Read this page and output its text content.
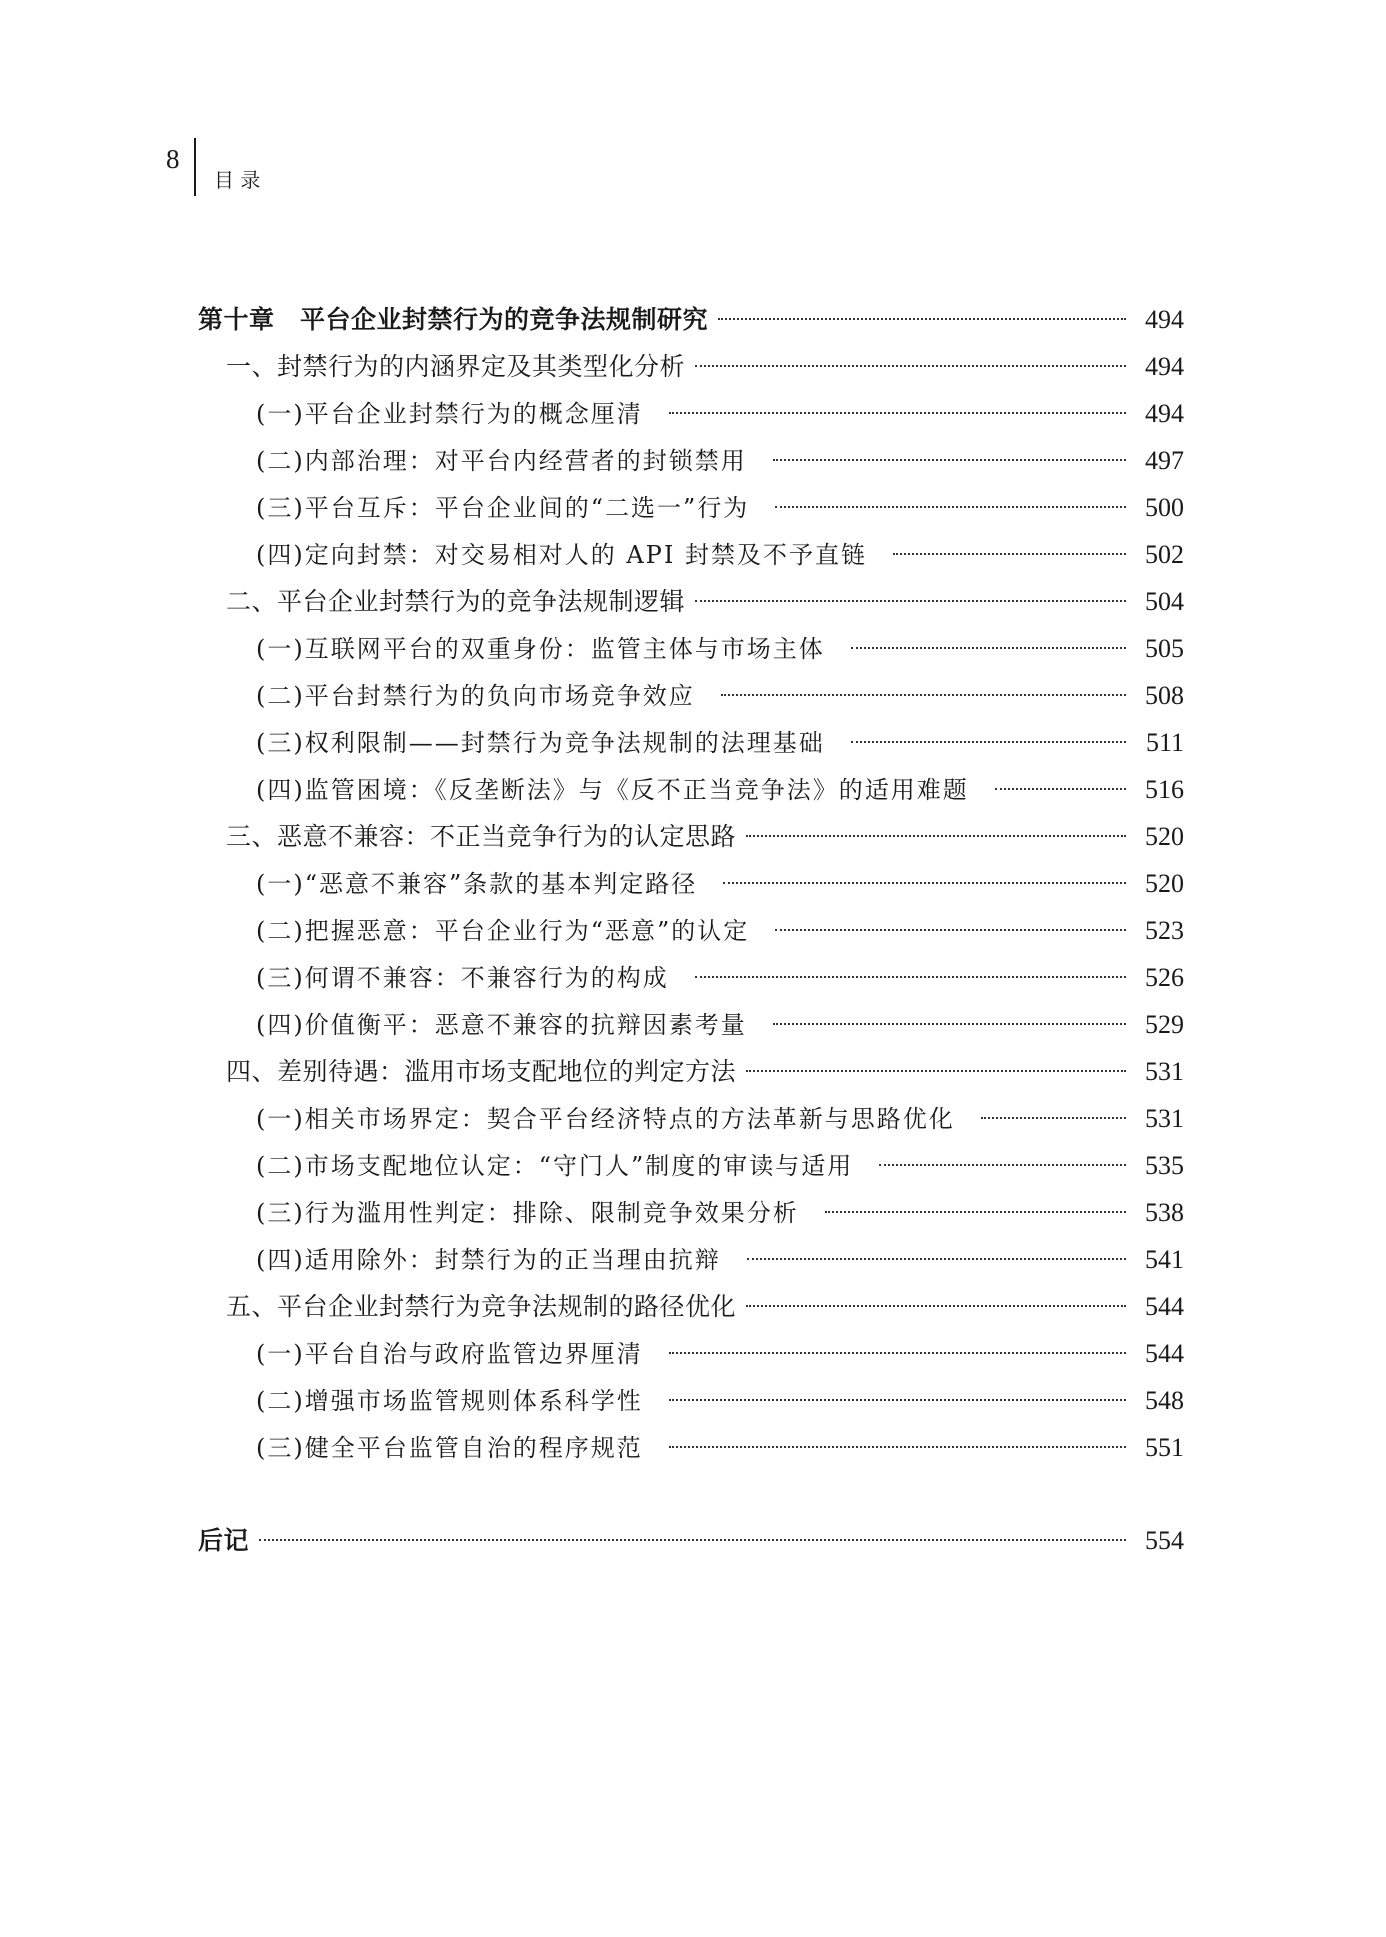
8
目 录
第十章　平台企业封禁行为的竞争法规制研究	494
一、封禁行为的内涵界定及其类型化分析	494
(一)平台企业封禁行为的概念厘清	494
(二)内部治理：对平台内经营者的封锁禁用	497
(三)平台互斥：平台企业间的“二选一”行为	500
(四)定向封禁：对交易相对人的 API 封禁及不予直链	502
二、平台企业封禁行为的竞争法规制逻辑	504
(一)互联网平台的双重身份：监管主体与市场主体	505
(二)平台封禁行为的负向市场竞争效应	508
(三)权利限制——封禁行为竞争法规制的法理基础	511
(四)监管困境：《反垄断法》与《反不正当竞争法》的适用难题	516
三、恶意不兼容：不正当竞争行为的认定思路	520
(一)“恶意不兼容”条款的基本判定路径	520
(二)把握恶意：平台企业行为“恶意”的认定	523
(三)何谓不兼容：不兼容行为的构成	526
(四)价值衡平：恶意不兼容的抗辩因素考量	529
四、差别待遇：滥用市场支配地位的判定方法	531
(一)相关市场界定：契合平台经济特点的方法革新与思路优化	531
(二)市场支配地位认定：“守门人”制度的审读与适用	535
(三)行为滥用性判定：排除、限制竞争效果分析	538
(四)适用除外：封禁行为的正当理由抗辩	541
五、平台企业封禁行为竞争法规制的路径优化	544
(一)平台自治与政府监管边界厘清	544
(二)增强市场监管规则体系科学性	548
(三)健全平台监管自治的程序规范	551
后记	554
